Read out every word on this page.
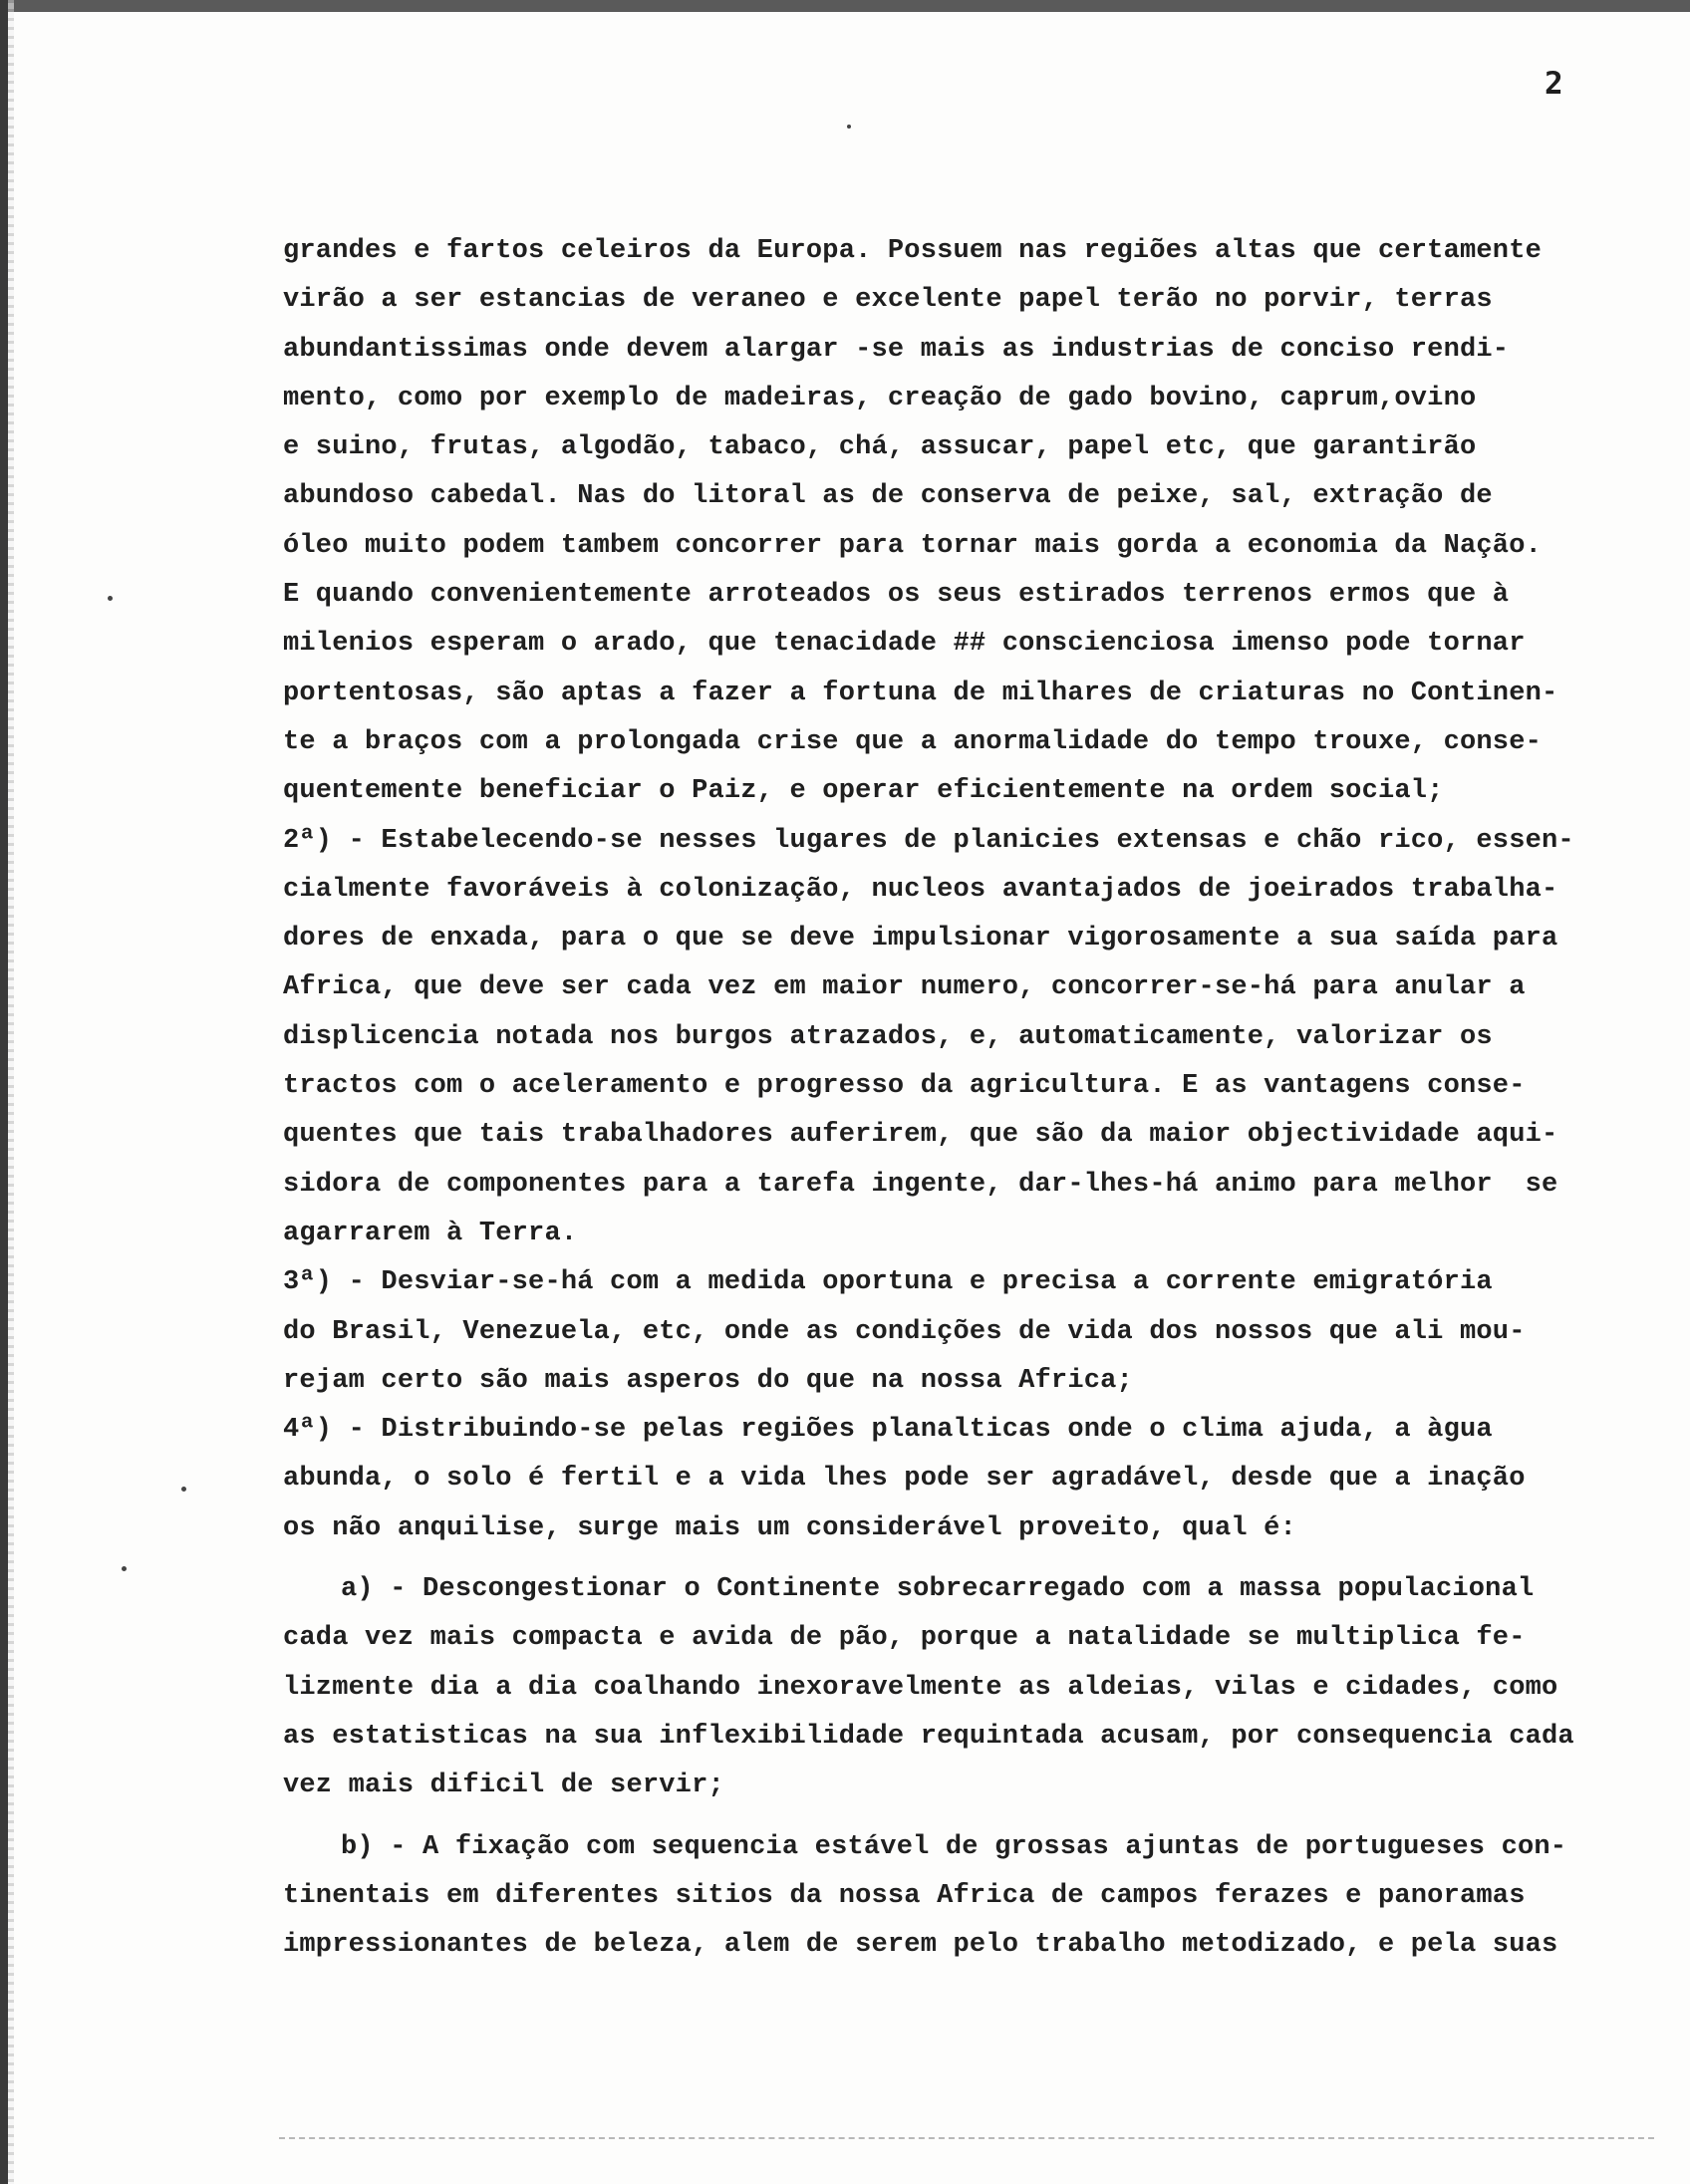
2
grandes e fartos celeiros da Europa. Possuem nas regiões altas que certamente
virão a ser estancias de veraneo e excelente papel terão no porvir, terras
abundantissimas onde devem alargar -se mais as industrias de conciso rendi-
mento, como por exemplo de madeiras, creação de gado bovino, caprum,ovino
e suino, frutas, algodão, tabaco, chá, assucar, papel etc, que garantirão
abundoso cabedal. Nas do litoral as de conserva de peixe, sal, extração de
óleo muito podem tambem concorrer para tornar mais gorda a economia da Nação.
E quando convenientemente arroteados os seus estirados terrenos ermos que à
milenios esperam o arado, que tenacidade ## conscienciosa imenso pode tornar
portentosas, são aptas a fazer a fortuna de milhares de criaturas no Continen-
te a braços com a prolongada crise que a anormalidade do tempo trouxe, conse-
quentemente beneficiar o Paiz, e operar eficientemente na ordem social;
2ª) - Estabelecendo-se nesses lugares de planicies extensas e chão rico, essen-
cialmente favoráveis à colonização, nucleos avantajados de joeirados trabalha-
dores de enxada, para o que se deve impulsionar vigorosamente a sua saída para
Africa, que deve ser cada vez em maior numero, concorrer-se-há para anular a
displicencia notada nos burgos atrazados, e, automaticamente, valorizar os
tractos com o aceleramento e progresso da agricultura. E as vantagens conse-
quentes que tais trabalhadores auferirem, que são da maior objectividade aqui-
sidora de componentes para a tarefa ingente, dar-lhes-há animo para melhor  se
agarrarem à Terra.
3ª) - Desviar-se-há com a medida oportuna e precisa a corrente emigratória
do Brasil, Venezuela, etc, onde as condições de vida dos nossos que ali mou-
rejam certo são mais asperos do que na nossa Africa;
4ª) - Distribuindo-se pelas regiões planalticas onde o clima ajuda, a àgua
abunda, o solo é fertil e a vida lhes pode ser agradável, desde que a inação
os não anquilise, surge mais um considerável proveito, qual é:
a) - Descongestionar o Continente sobrecarregado com a massa populacional
cada vez mais compacta e avida de pão, porque a natalidade se multiplica fe-
lizmente dia a dia coalhando inexoravelmente as aldeias, vilas e cidades, como
as estatisticas na sua inflexibilidade requintada acusam, por consequencia cada
vez mais dificil de servir;
b) - A fixação com sequencia estável de grossas ajuntas de portugueses con-
tinentais em diferentes sitios da nossa Africa de campos ferazes e panoramas
impressionantes de beleza, alem de serem pelo trabalho metodizado, e pela suas
